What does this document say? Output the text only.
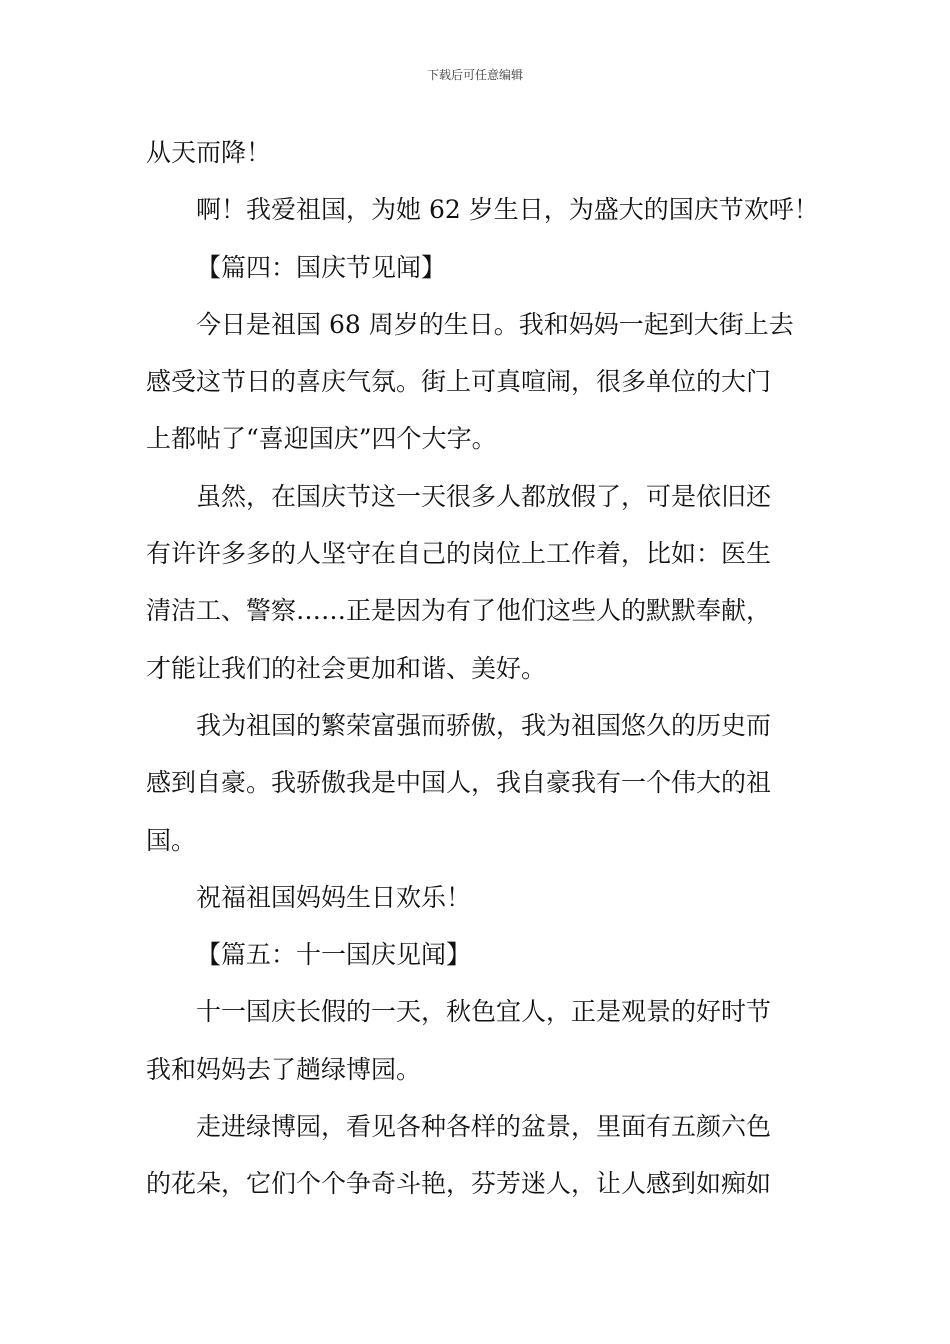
下载后可任意编辑

从天而降！

啊！我爱祖国，为她 62 岁生日，为盛大的国庆节欢呼！

【篇四：国庆节见闻】

今日是祖国 68 周岁的生日。我和妈妈一起到大街上去

感受这节日的喜庆气氛。街上可真喧闹，很多单位的大门

上都帖了“喜迎国庆”四个大字。

虽然，在国庆节这一天很多人都放假了，可是依旧还

有许许多多的人坚守在自己的岗位上工作着，比如：医生

清洁工、警察……正是因为有了他们这些人的默默奉献，

才能让我们的社会更加和谐、美好。

我为祖国的繁荣富强而骄傲，我为祖国悠久的历史而

感到自豪。我骄傲我是中国人，我自豪我有一个伟大的祖

国。

祝福祖国妈妈生日欢乐！

【篇五：十一国庆见闻】

十一国庆长假的一天，秋色宜人，正是观景的好时节

我和妈妈去了趟绿博园。

走进绿博园，看见各种各样的盆景，里面有五颜六色

的花朵，它们个个争奇斗艳，芬芳迷人，让人感到如痴如
